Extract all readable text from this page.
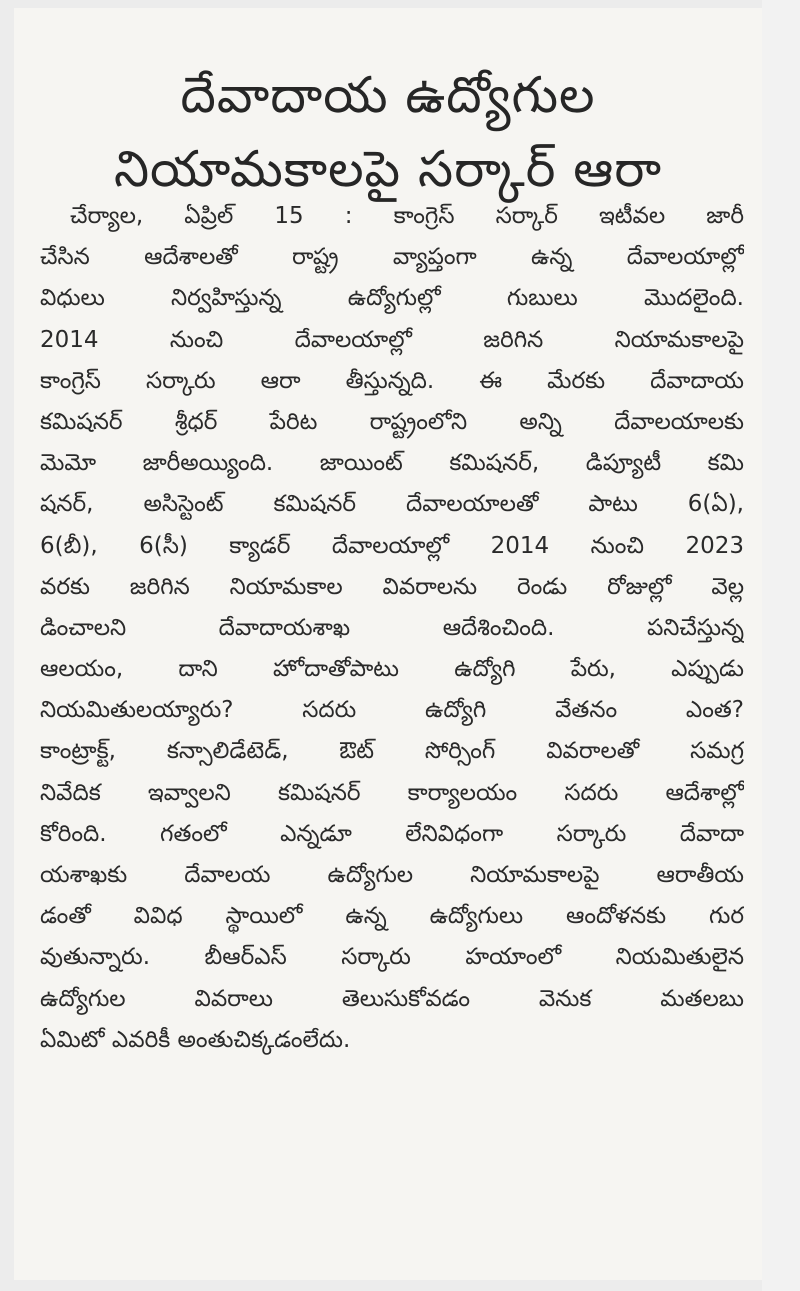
దేవాదాయ ఉద్యోగుల
నియామకాలపై సర్కార్ ఆరా
చేర్యాల, ఏప్రిల్ 15 : కాంగ్రెస్ సర్కార్ ఇటీవల జారీ
చేసిన ఆదేశాలతో రాష్ట్ర వ్యాప్తంగా ఉన్న దేవాలయాల్లో
విధులు నిర్వహిస్తున్న ఉద్యోగుల్లో గుబులు మొదలైంది.
2014 నుంచి దేవాలయాల్లో జరిగిన నియామకాలపై
కాంగ్రెస్ సర్కారు ఆరా తీస్తున్నది. ఈ మేరకు దేవాదాయ
కమిషనర్ శ్రీధర్ పేరిట రాష్ట్రంలోని అన్ని దేవాలయాలకు
మెమో జారీఅయ్యింది. జాయింట్ కమిషనర్, డిప్యూటీ కమి
షనర్, అసిస్టెంట్ కమిషనర్ దేవాలయాలతో పాటు 6(ఏ),
6(బీ), 6(సీ) క్యాడర్ దేవాలయాల్లో 2014 నుంచి 2023
వరకు జరిగిన నియామకాల వివరాలను రెండు రోజుల్లో వెల్ల
డించాలని దేవాదాయశాఖ ఆదేశించింది. పనిచేస్తున్న
ఆలయం, దాని హోదాతోపాటు ఉద్యోగి పేరు, ఎప్పుడు
నియమితులయ్యారు? సదరు ఉద్యోగి వేతనం ఎంత?
కాంట్రాక్ట్, కన్సాలిడేటెడ్, ఔట్ సోర్సింగ్ వివరాలతో సమగ్ర
నివేదిక ఇవ్వాలని కమిషనర్ కార్యాలయం సదరు ఆదేశాల్లో
కోరింది. గతంలో ఎన్నడూ లేనివిధంగా సర్కారు దేవాదా
యశాఖకు దేవాలయ ఉద్యోగుల నియామకాలపై ఆరాతీయ
డంతో వివిధ స్థాయిలో ఉన్న ఉద్యోగులు ఆందోళనకు గుర
వుతున్నారు. బీఆర్ఎస్ సర్కారు హయాంలో నియమితులైన
ఉద్యోగుల వివరాలు తెలుసుకోవడం వెనుక మతలబు
ఏమిటో ఎవరికీ అంతుచిక్కడంలేదు.
